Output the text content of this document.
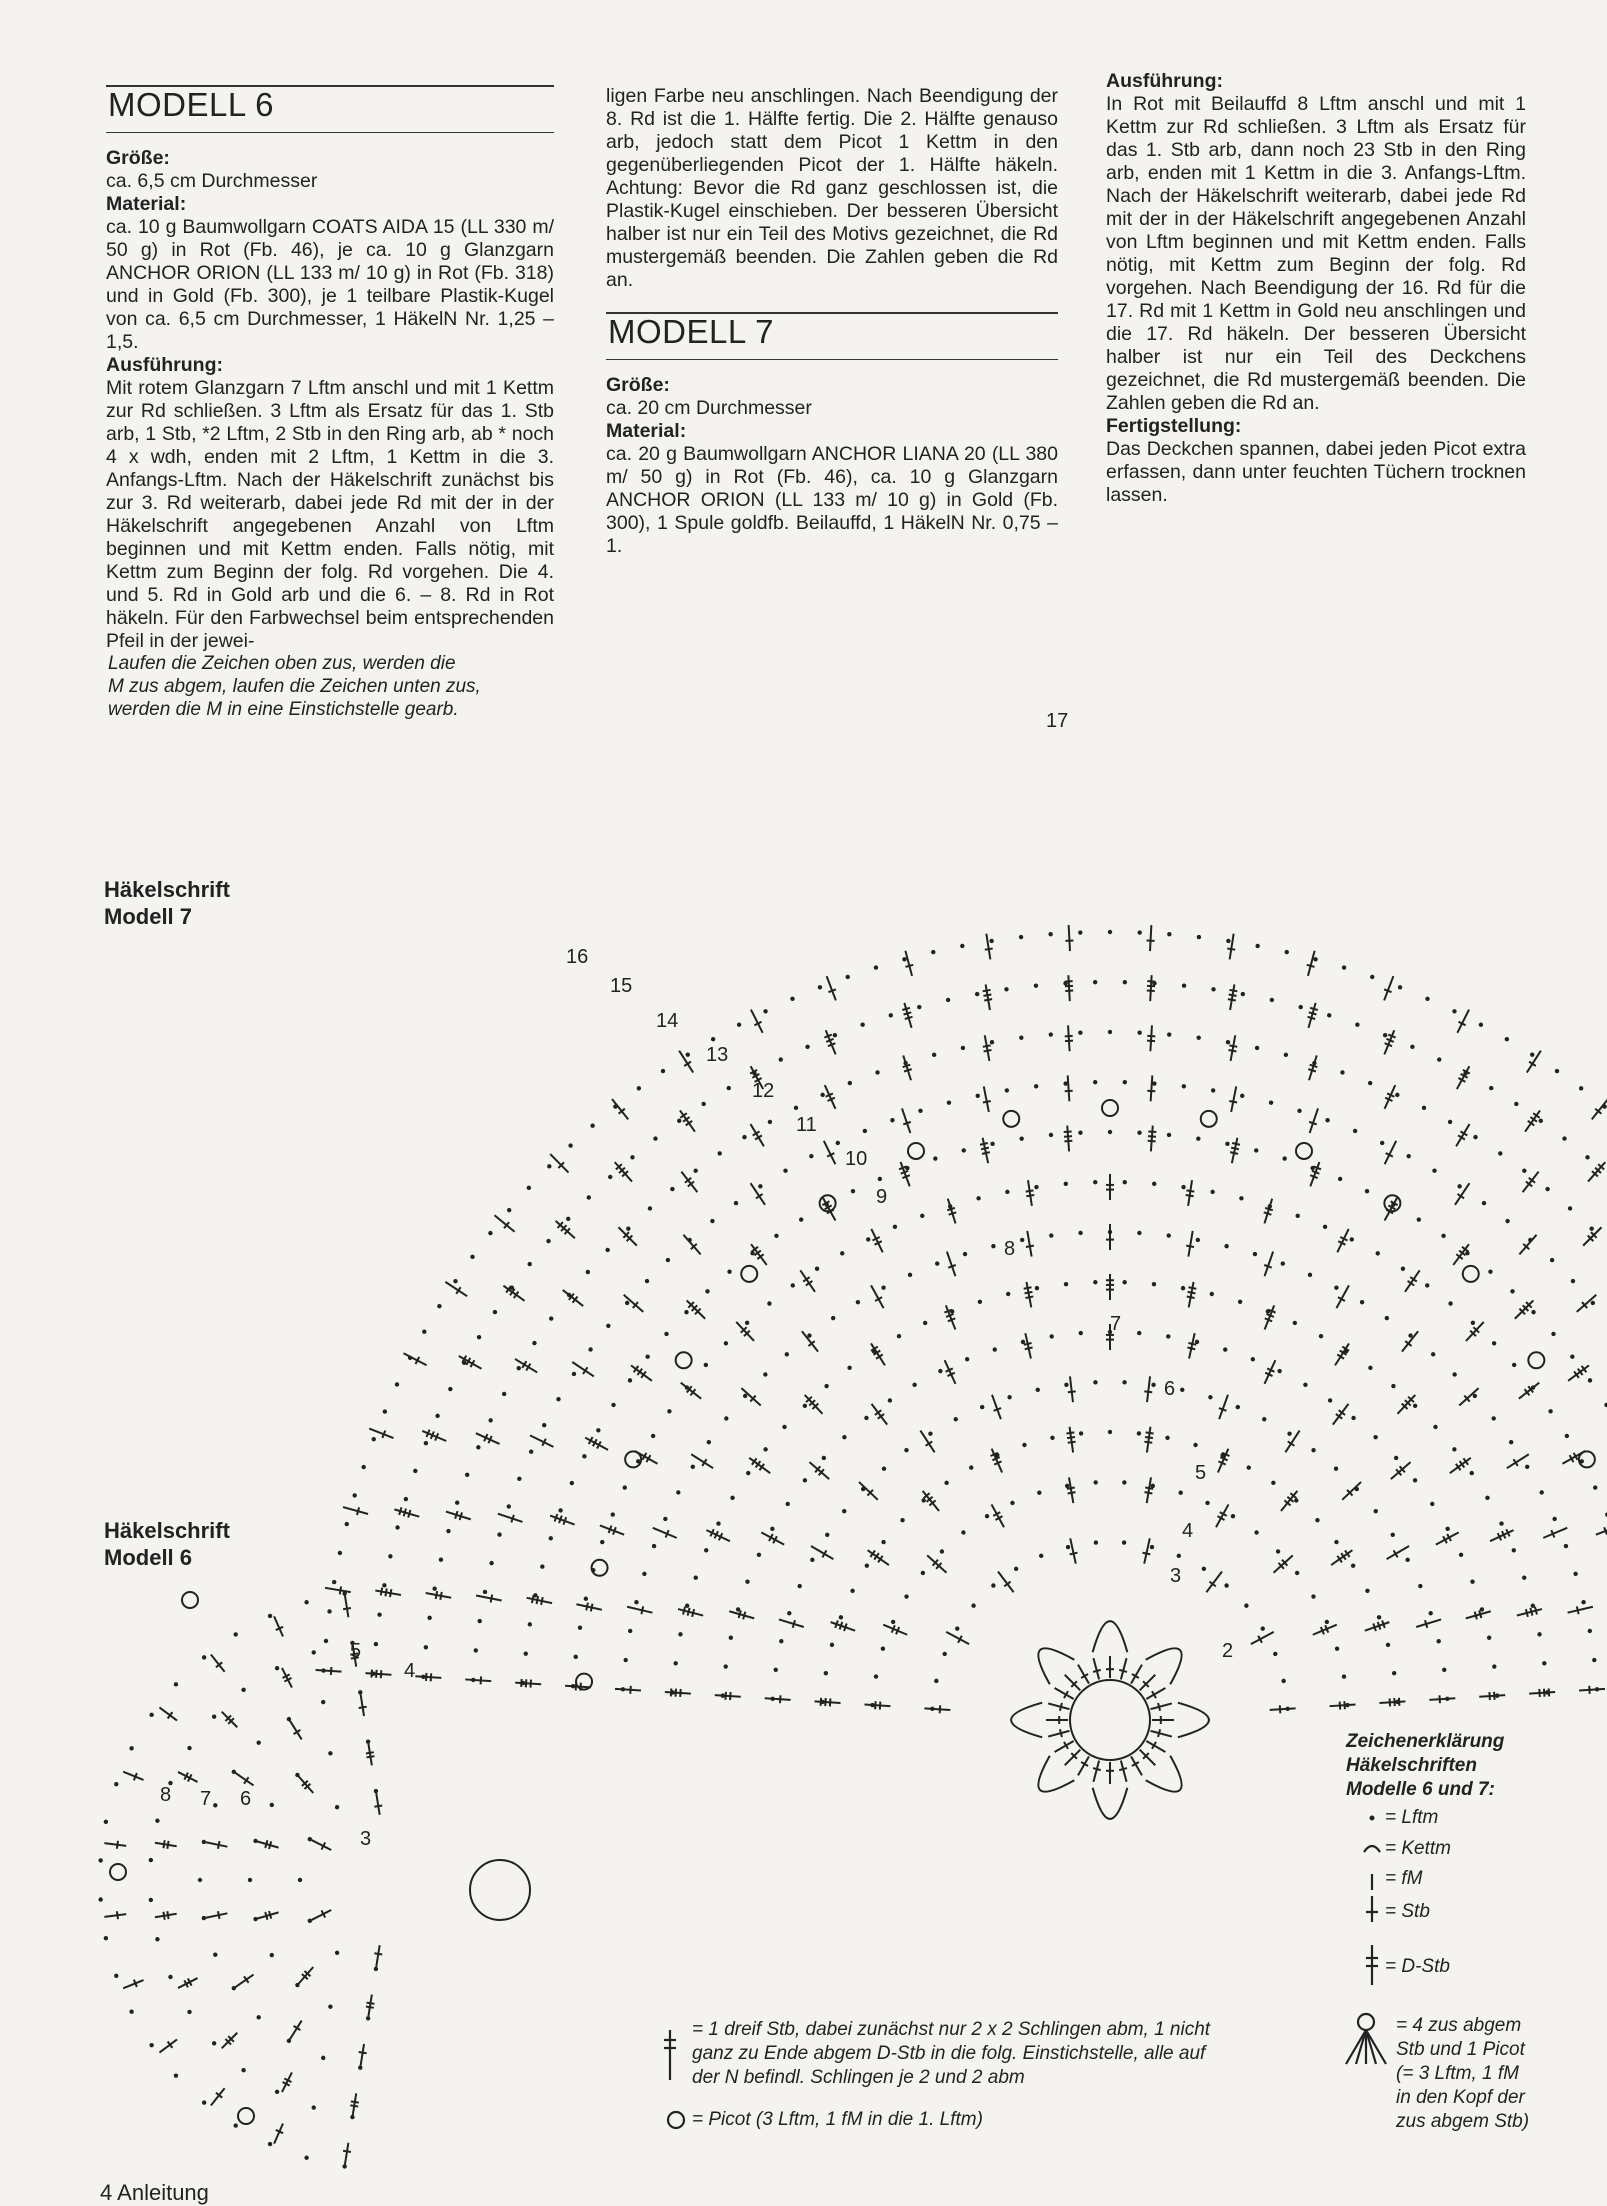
MODELL 6
Größe:

ca. 6,5 cm Durchmesser

Material:

ca. 10 g Baumwollgarn COATS AIDA 15 (LL 330 m/ 50 g) in Rot (Fb. 46), je ca. 10 g Glanzgarn ANCHOR ORION (LL 133 m/ 10 g) in Rot (Fb. 318) und in Gold (Fb. 300), je 1 teilbare Plastik-Kugel von ca. 6,5 cm Durchmesser, 1 HäkelN Nr. 1,25 – 1,5.

Ausführung:

Mit rotem Glanzgarn 7 Lftm anschl und mit 1 Kettm zur Rd schließen. 3 Lftm als Ersatz für das 1. Stb arb, 1 Stb, *2 Lftm, 2 Stb in den Ring arb, ab * noch 4 x wdh, enden mit 2 Lftm, 1 Kettm in die 3. Anfangs-Lftm. Nach der Häkelschrift zunächst bis zur 3. Rd weiterarb, dabei jede Rd mit der in der Häkelschrift angegebenen Anzahl von Lftm beginnen und mit Kettm enden. Falls nötig, mit Kettm zum Beginn der folg. Rd vorgehen. Die 4. und 5. Rd in Gold arb und die 6. – 8. Rd in Rot häkeln. Für den Farbwechsel beim entsprechenden Pfeil in der jewei-

ligen Farbe neu anschlingen. Nach Beendigung der 8. Rd ist die 1. Hälfte fertig. Die 2. Hälfte genauso arb, jedoch statt dem Picot 1 Kettm in den gegenüberliegenden Picot der 1. Hälfte häkeln. Achtung: Bevor die Rd ganz geschlossen ist, die Plastik-Kugel einschieben. Der besseren Übersicht halber ist nur ein Teil des Motivs gezeichnet, die Rd mustergemäß beenden. Die Zahlen geben die Rd an.

MODELL 7
Größe:

ca. 20 cm Durchmesser

Material:

ca. 20 g Baumwollgarn ANCHOR LIANA 20 (LL 380 m/ 50 g) in Rot (Fb. 46), ca. 10 g Glanzgarn ANCHOR ORION (LL 133 m/ 10 g) in Gold (Fb. 300), 1 Spule goldfb. Beilauffd, 1 HäkelN Nr. 0,75 – 1.

Ausführung:

In Rot mit Beilauffd 8 Lftm anschl und mit 1 Kettm zur Rd schließen. 3 Lftm als Ersatz für das 1. Stb arb, dann noch 23 Stb in den Ring arb, enden mit 1 Kettm in die 3. Anfangs-Lftm. Nach der Häkelschrift weiterarb, dabei jede Rd mit der in der Häkelschrift angegebenen Anzahl von Lftm beginnen und mit Kettm enden. Falls nötig, mit Kettm zum Beginn der folg. Rd vorgehen. Nach Beendigung der 16. Rd für die 17. Rd mit 1 Kettm in Gold neu anschlingen und die 17. Rd häkeln. Der besseren Übersicht halber ist nur ein Teil des Deckchens gezeichnet, die Rd mustergemäß beenden. Die Zahlen geben die Rd an.

Fertigstellung:

Das Deckchen spannen, dabei jeden Picot extra erfassen, dann unter feuchten Tüchern trocknen lassen.

Laufen die Zeichen oben zus, werden die
M zus abgem, laufen die Zeichen unten zus,
werden die M in eine Einstichstelle gearb.
Häkelschrift
Modell 7
Häkelschrift
Modell 6
2
3
4
5
6
7
8
9
10
11
12
13
14
15
16
17
3
4
5
6
7
8
Zeichenerklärung
Häkelschriften
Modelle 6 und 7:
= Lftm
= Kettm
= fM
= Stb
= D-Stb
= 4 zus abgem
Stb und 1 Picot
(= 3 Lftm, 1 fM
in den Kopf der
zus abgem Stb)
= 1 dreif Stb, dabei zunächst nur 2 x 2 Schlingen abm, 1 nicht
ganz zu Ende abgem D-Stb in die folg. Einstichstelle, alle auf
der N befindl. Schlingen je 2 und 2 abm
= Picot (3 Lftm, 1 fM in die 1. Lftm)
4 Anleitung
